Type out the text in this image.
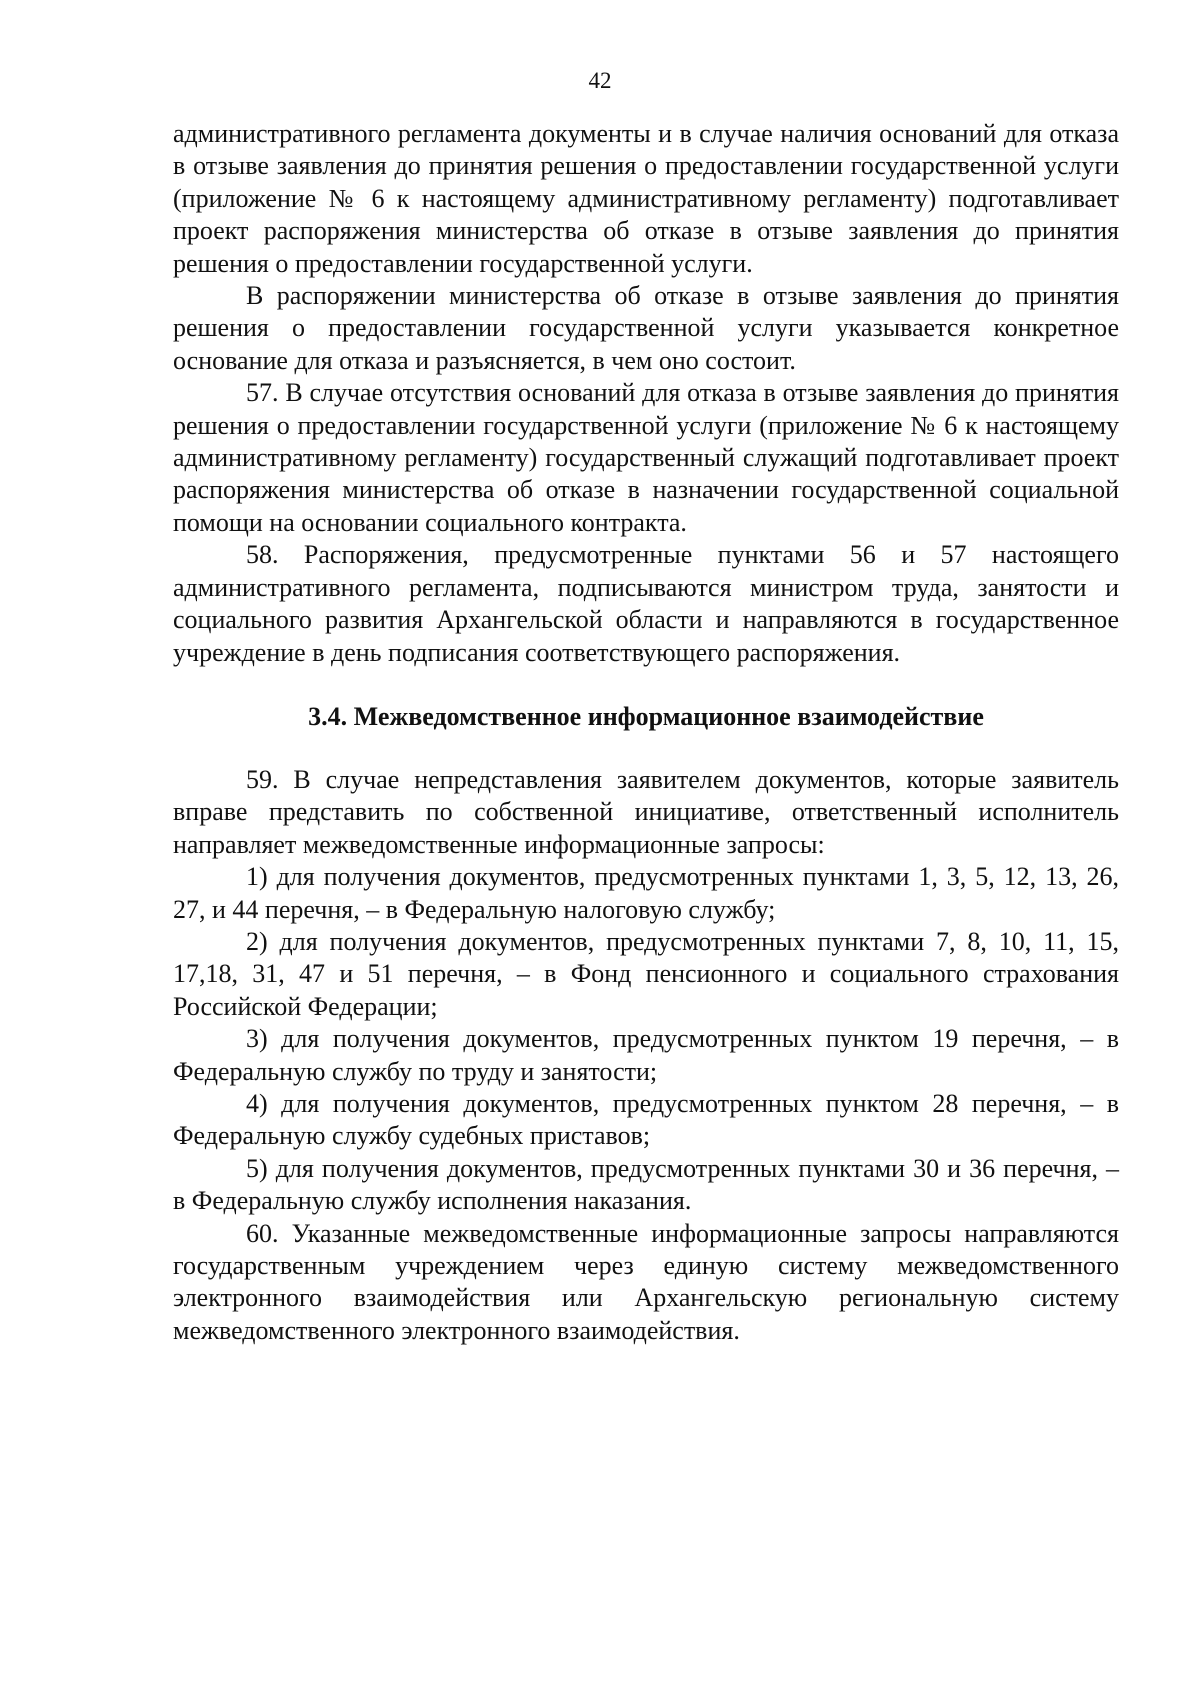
42

административного регламента документы и в случае наличия оснований для отказа в отзыве заявления до принятия решения о предоставлении государственной услуги (приложение № 6 к настоящему административному регламенту) подготавливает проект распоряжения министерства об отказе в отзыве заявления до принятия решения о предоставлении государственной услуги.

В распоряжении министерства об отказе в отзыве заявления до принятия решения о предоставлении государственной услуги указывается конкретное основание для отказа и разъясняется, в чем оно состоит.

57. В случае отсутствия оснований для отказа в отзыве заявления до принятия решения о предоставлении государственной услуги (приложение № 6 к настоящему административному регламенту) государственный служащий подготавливает проект распоряжения министерства об отказе в назначении государственной социальной помощи на основании социального контракта.

58. Распоряжения, предусмотренные пунктами 56 и 57 настоящего административного регламента, подписываются министром труда, занятости и социального развития Архангельской области и направляются в государственное учреждение в день подписания соответствующего распоряжения.

3.4. Межведомственное информационное взаимодействие

59. В случае непредставления заявителем документов, которые заявитель вправе представить по собственной инициативе, ответственный исполнитель направляет межведомственные информационные запросы:

1) для получения документов, предусмотренных пунктами 1, 3, 5, 12, 13, 26, 27, и 44 перечня, – в Федеральную налоговую службу;

2) для получения документов, предусмотренных пунктами 7, 8, 10, 11, 15, 17,18, 31, 47 и 51 перечня, – в Фонд пенсионного и социального страхования Российской Федерации;

3) для получения документов, предусмотренных пунктом 19 перечня, – в Федеральную службу по труду и занятости;

4) для получения документов, предусмотренных пунктом 28 перечня, – в Федеральную службу судебных приставов;

5) для получения документов, предусмотренных пунктами 30 и 36 перечня, – в Федеральную службу исполнения наказания.

60. Указанные межведомственные информационные запросы направляются государственным учреждением через единую систему межведомственного электронного взаимодействия или Архангельскую региональную систему межведомственного электронного взаимодействия.
